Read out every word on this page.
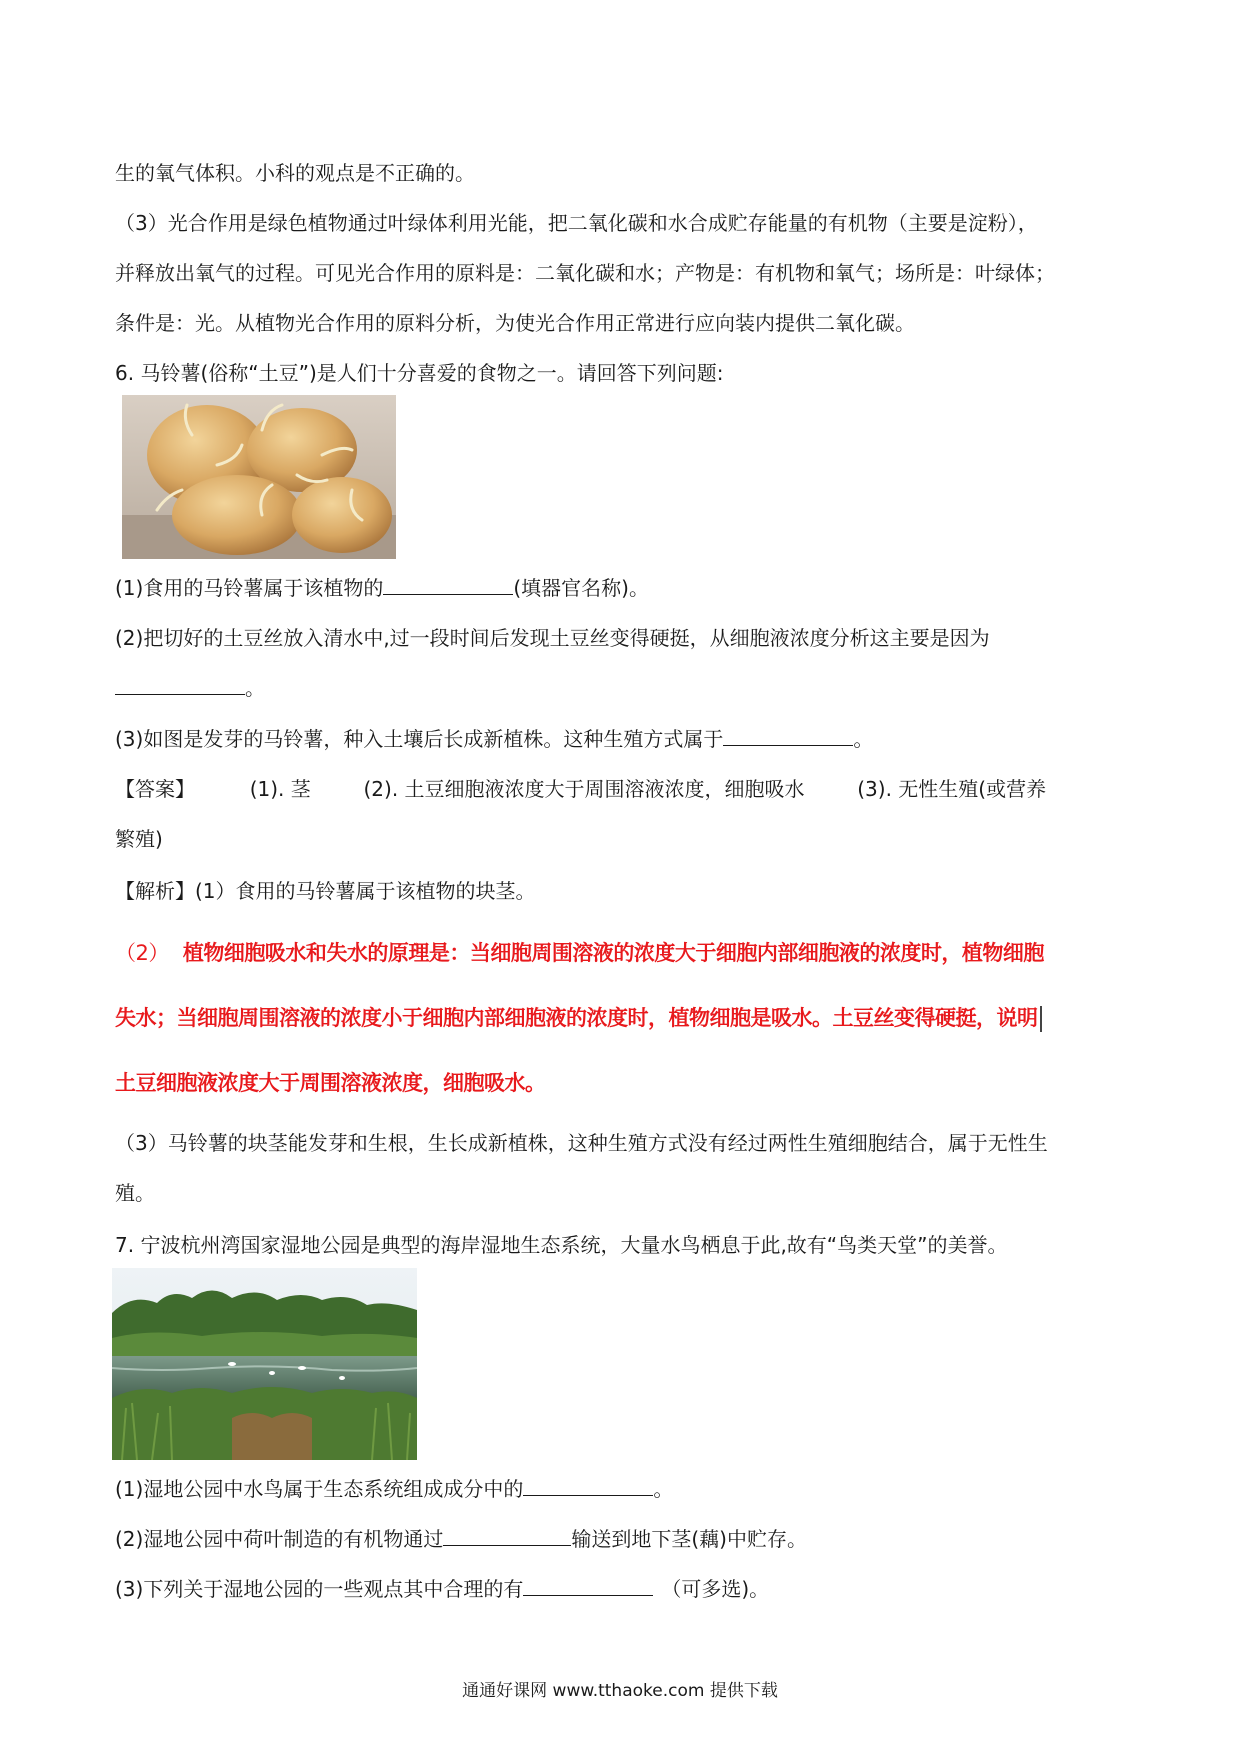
生的氧气体积。小科的观点是不正确的。
（3）光合作用是绿色植物通过叶绿体利用光能，把二氧化碳和水合成贮存能量的有机物（主要是淀粉），
并释放出氧气的过程。可见光合作用的原料是：二氧化碳和水；产物是：有机物和氧气；场所是：叶绿体；
条件是：光。从植物光合作用的原料分析，为使光合作用正常进行应向装内提供二氧化碳。
6. 马铃薯(俗称“土豆”)是人们十分喜爱的食物之一。请回答下列问题:
(1)食用的马铃薯属于该植物的	(填器官名称)。
(2)把切好的土豆丝放入清水中,过一段时间后发现土豆丝变得硬挺，从细胞液浓度分析这主要是因为
。
(3)如图是发芽的马铃薯，种入土壤后长成新植株。这种生殖方式属于	。
【答案】	(1). 茎	(2). 土豆细胞液浓度大于周围溶液浓度，细胞吸水	(3). 无性生殖(或营养
繁殖)
【解析】(1）食用的马铃薯属于该植物的块茎。
（2） 植物细胞吸水和失水的原理是：当细胞周围溶液的浓度大于细胞内部细胞液的浓度时，植物细胞
失水；当细胞周围溶液的浓度小于细胞内部细胞液的浓度时，植物细胞是吸水。土豆丝变得硬挺，说明
土豆细胞液浓度大于周围溶液浓度，细胞吸水。
（3）马铃薯的块茎能发芽和生根，生长成新植株，这种生殖方式没有经过两性生殖细胞结合，属于无性生
殖。
7. 宁波杭州湾国家湿地公园是典型的海岸湿地生态系统，大量水鸟栖息于此,故有“鸟类天堂”的美誉。
(1)湿地公园中水鸟属于生态系统组成成分中的	。
(2)湿地公园中荷叶制造的有机物通过	输送到地下茎(藕)中贮存。
(3)下列关于湿地公园的一些观点其中合理的有	（可多选)。
通通好课网 www.tthaoke.com 提供下载
